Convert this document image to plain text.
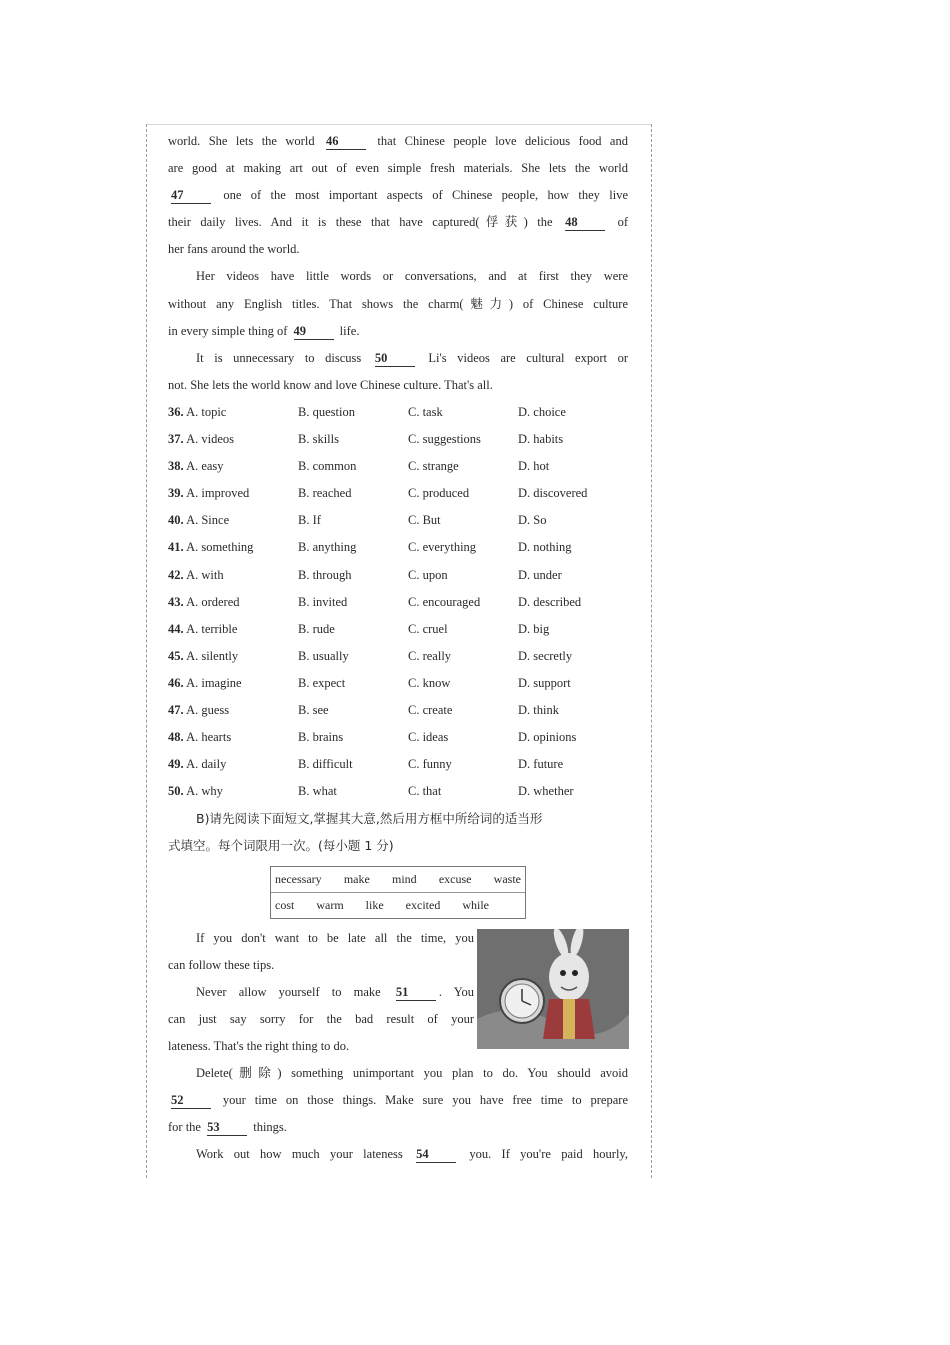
world. She lets the world 46 that Chinese people love delicious food and
are good at making art out of even simple fresh materials. She lets the world
47 one of the most important aspects of Chinese people, how they live
their daily lives. And it is these that have captured(俘获) the 48 of
her fans around the world.
Her videos have little words or conversations, and at first they were
without any English titles. That shows the charm(魅力) of Chinese culture
in every simple thing of 49 life.
It is unnecessary to discuss 50 Li's videos are cultural export or
not. She lets the world know and love Chinese culture. That's all.
36. A. topic	B. question	C. task	D. choice
37. A. videos	B. skills	C. suggestions	D. habits
38. A. easy	B. common	C. strange	D. hot
39. A. improved	B. reached	C. produced	D. discovered
40. A. Since	B. If	C. But	D. So
41. A. something	B. anything	C. everything	D. nothing
42. A. with	B. through	C. upon	D. under
43. A. ordered	B. invited	C. encouraged	D. described
44. A. terrible	B. rude	C. cruel	D. big
45. A. silently	B. usually	C. really	D. secretly
46. A. imagine	B. expect	C. know	D. support
47. A. guess	B. see	C. create	D. think
48. A. hearts	B. brains	C. ideas	D. opinions
49. A. daily	B. difficult	C. funny	D. future
50. A. why	B. what	C. that	D. whether
B)请先阅读下面短文,掌握其大意,然后用方框中所给词的适当形
式填空。每个词限用一次。(每小题 1 分)
necessary make mind excuse waste
cost warm like excited while
If you don't want to be late all the time, you
can follow these tips.
Never allow yourself to make 51 . You
can just say sorry for the bad result of your
lateness. That's the right thing to do.
Delete(删除) something unimportant you plan to do. You should avoid
52 your time on those things. Make sure you have free time to prepare
for the 53 things.
Work out how much your lateness 54 you. If you're paid hourly,
